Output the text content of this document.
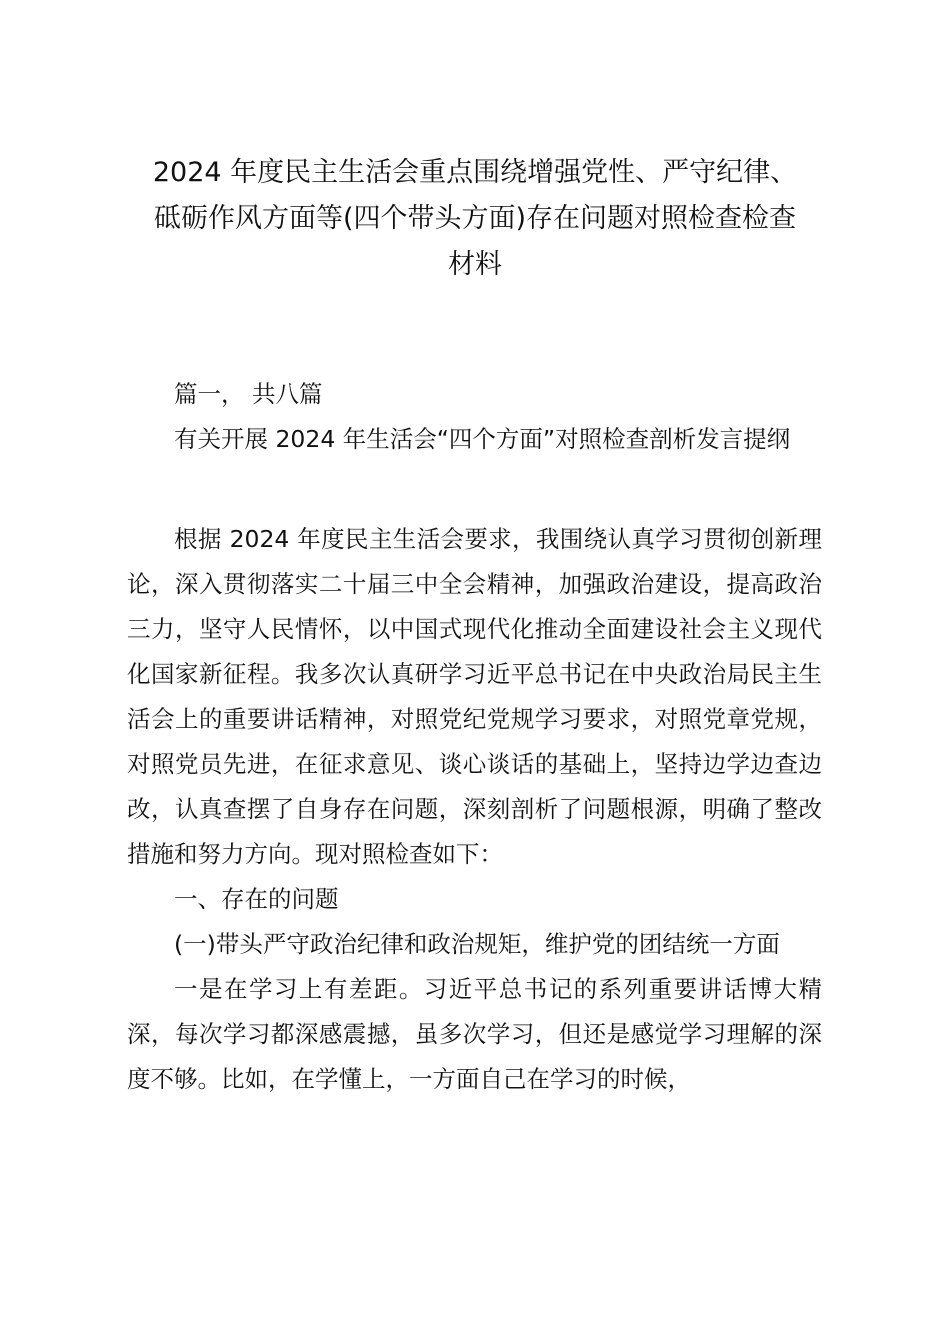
2024 年度民主生活会重点围绕增强党性、严守纪律、
砥砺作风方面等(四个带头方面)存在问题对照检查检查
材料

篇一， 共八篇

有关开展 2024 年生活会“四个方面”对照检查剖析发言提纲

根据 2024 年度民主生活会要求，我围绕认真学习贯彻创新理论，深入贯彻落实二十届三中全会精神，加强政治建设，提高政治三力，坚守人民情怀，以中国式现代化推动全面建设社会主义现代化国家新征程。我多次认真研学习近平总书记在中央政治局民主生活会上的重要讲话精神，对照党纪党规学习要求，对照党章党规，对照党员先进，在征求意见、谈心谈话的基础上，坚持边学边查边改，认真查摆了自身存在问题，深刻剖析了问题根源，明确了整改措施和努力方向。现对照检查如下：

一、存在的问题

(一)带头严守政治纪律和政治规矩，维护党的团结统一方面

一是在学习上有差距。习近平总书记的系列重要讲话博大精深，每次学习都深感震撼，虽多次学习，但还是感觉学习理解的深度不够。比如，在学懂上，一方面自己在学习的时候，
